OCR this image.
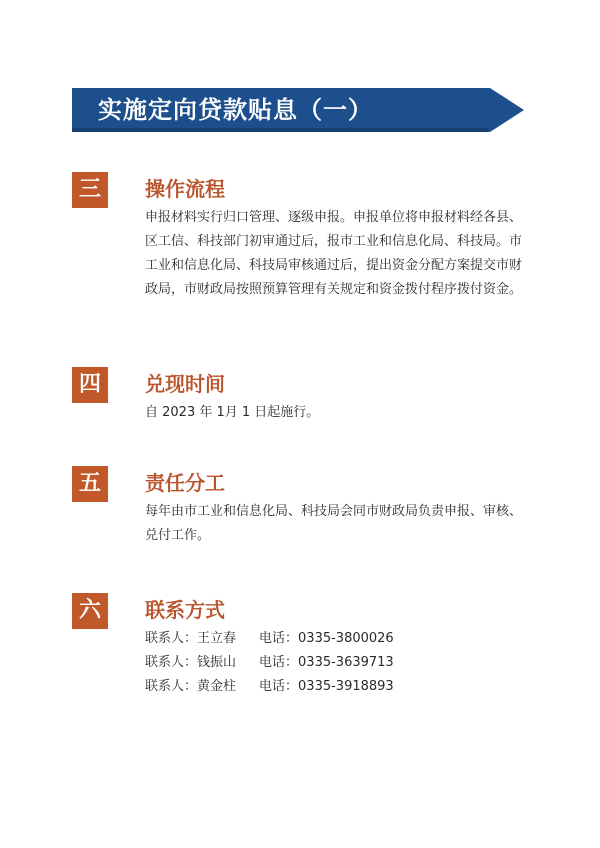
实施定向贷款贴息（一）
三	操作流程
申报材料实行归口管理、逐级申报。申报单位将申报材料经各县、区工信、科技部门初审通过后，报市工业和信息化局、科技局。市工业和信息化局、科技局审核通过后，提出资金分配方案提交市财政局，市财政局按照预算管理有关规定和资金拨付程序拨付资金。
四	兑现时间
自 2023 年 1月 1 日起施行。
五	责任分工
每年由市工业和信息化局、科技局会同市财政局负责申报、审核、兑付工作。
六	联系方式
联系人：王立春 电话：0335-3800026
联系人：钱振山 电话：0335-3639713
联系人：黄金柱 电话：0335-3918893
